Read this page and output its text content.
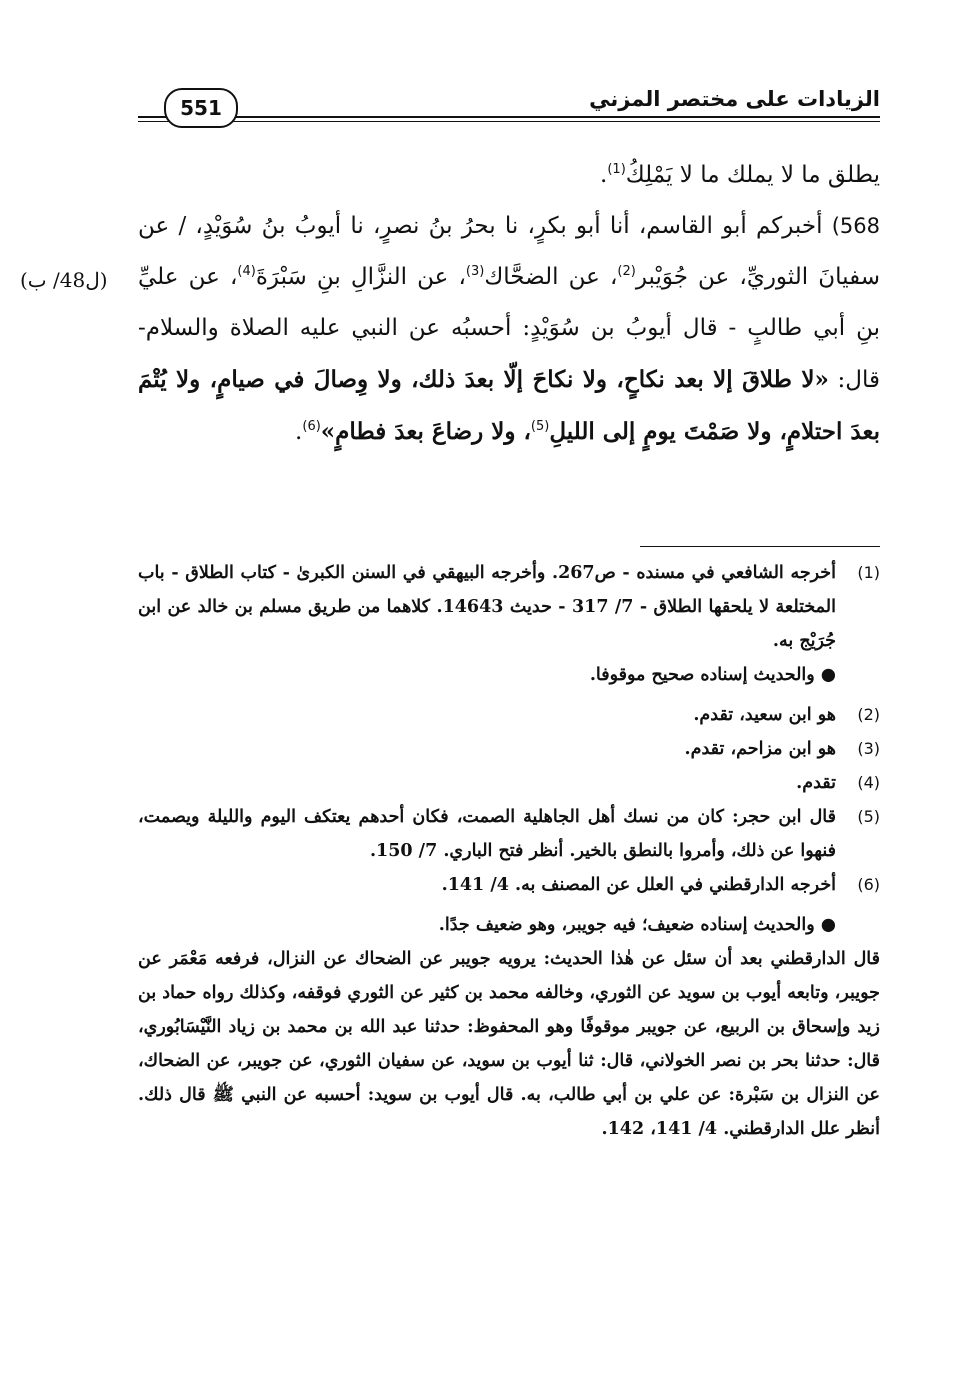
الزيادات على مختصر المزني
551

يطلق ما لا يملك ما لا يَمْلِكُ$^{(1)}$.

568) أخبركم أبو القاسم، أنا أبو بكرٍ، نا بحرُ بنُ نصرٍ، نا أيوبُ بنُ سُوَيْدٍ، / عن سفيانَ الثوريِّ، عن جُوَيْبر$^{(2)}$، عن الضحَّاك$^{(3)}$، عن النزَّالِ بنِ سَبْرَةَ$^{(4)}$، عن عليِّ بنِ أبي طالبٍ - قال أيوبُ بن سُوَيْدٍ: أحسبُه عن النبي عليه الصلاة والسلام- قال: «لا طلاقَ إلا بعد نكاحٍ، ولا نكاحَ إلّا بعدَ ذلك، ولا وِصالَ في صيامٍ، ولا يُتْمَ بعدَ احتلامٍ، ولا صَمْتَ يومٍ إلى الليلِ$^{(5)}$، ولا رضاعَ بعدَ فطامٍ»$^{(6)}$.

(ل48/ ب)
(1)
أخرجه الشافعي في مسنده - ص267. وأخرجه البيهقي في السنن الكبرىٰ - كتاب الطلاق - باب المختلعة لا يلحقها الطلاق - 7/ 317 - حديث 14643. كلاهما من طريق مسلم بن خالد عن ابن جُرَيْج به.
●والحديث إسناده صحيح موقوفا.
(2)
هو ابن سعيد، تقدم.
(3)
هو ابن مزاحم، تقدم.
(4)
تقدم.
(5)
قال ابن حجر: كان من نسك أهل الجاهلية الصمت، فكان أحدهم يعتكف اليوم والليلة ويصمت، فنهوا عن ذلك، وأمروا بالنطق بالخير. أنظر فتح الباري. 7/ 150.
(6)
أخرجه الدارقطني في العلل عن المصنف به. 4/ 141.
●والحديث إسناده ضعيف؛ فيه جويبر، وهو ضعيف جدًا.
قال الدارقطني بعد أن سئل عن هٰذا الحديث: يرويه جويبر عن الضحاك عن النزال، فرفعه مَعْمَر عن جويبر، وتابعه أيوب بن سويد عن الثوري، وخالفه محمد بن كثير عن الثوري فوقفه، وكذلك رواه حماد بن زيد وإسحاق بن الربيع، عن جويبر موقوفًا وهو المحفوظ: حدثنا عبد الله بن محمد بن زياد النَّيْسَابُوري، قال: حدثنا بحر بن نصر الخولاني، قال: ثنا أيوب بن سويد، عن سفيان الثوري، عن جويبر، عن الضحاك، عن النزال بن سَبْرة: عن علي بن أبي طالب، به. قال أيوب بن سويد: أحسبه عن النبي ﷺ قال ذلك. أنظر علل الدارقطني. 4/ 141، 142.
